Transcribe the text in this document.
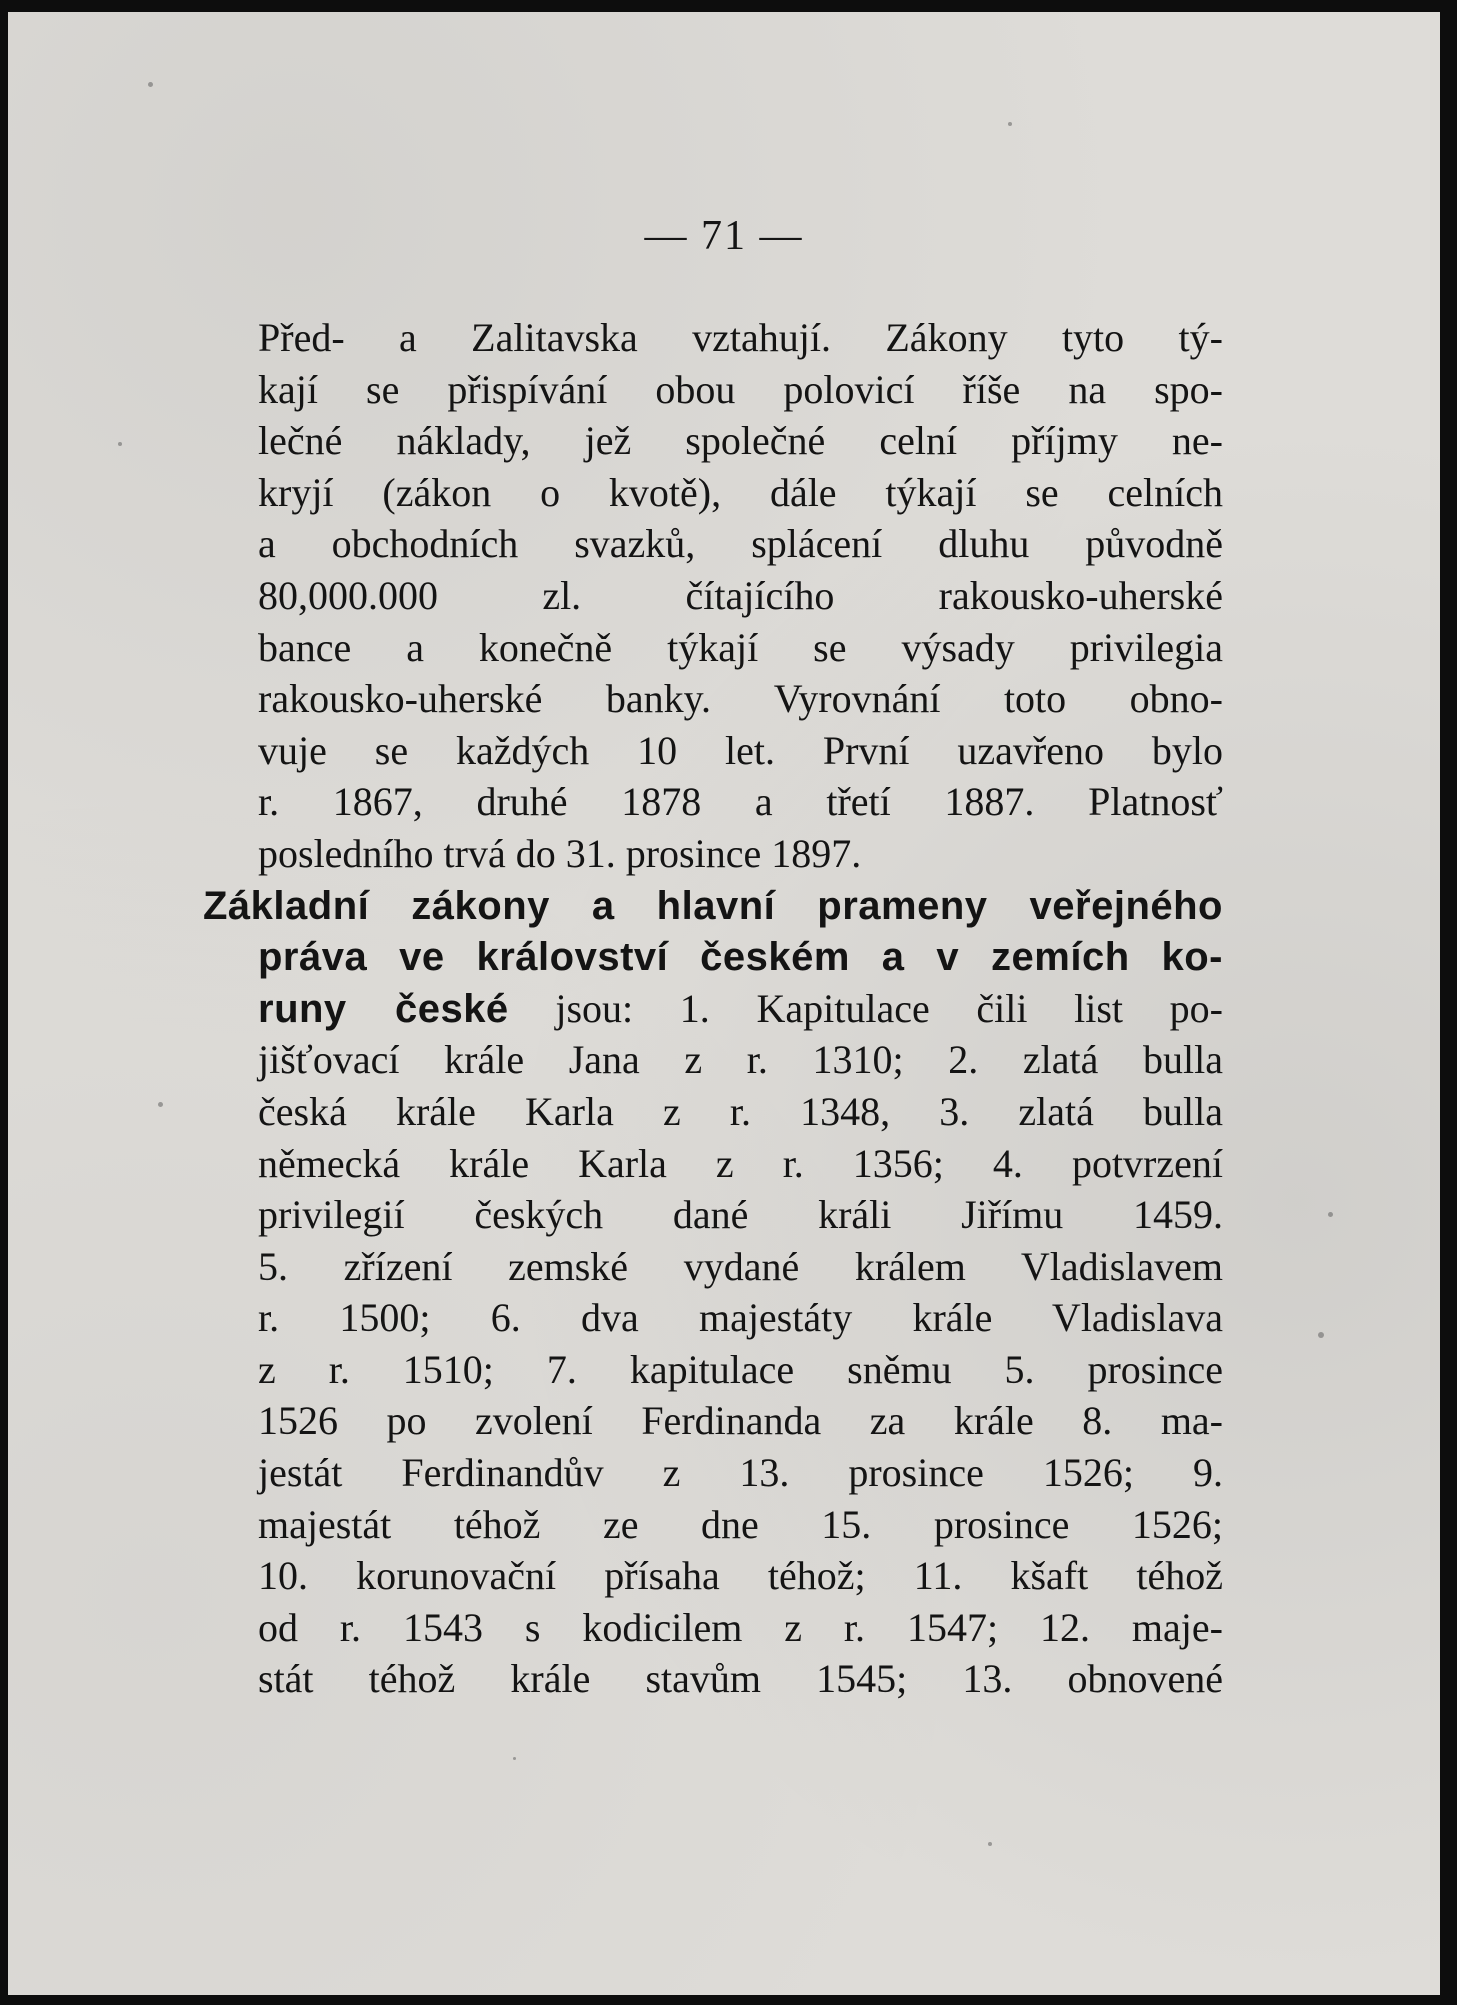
— 71 —
Před- a Zalitavska vztahují. Zákony tyto tý-
kají se přispívání obou polovicí říše na spo-
lečné náklady, jež společné celní příjmy ne-
kryjí (zákon o kvotě), dále týkají se celních
a obchodních svazků, splácení dluhu původně
80,000.000 zl. čítajícího rakousko-uherské
bance a konečně týkají se výsady privilegia
rakousko-uherské banky. Vyrovnání toto obno-
vuje se každých 10 let. První uzavřeno bylo
r. 1867, druhé 1878 a třetí 1887. Platnosť
posledního trvá do 31. prosince 1897.
Základní zákony a hlavní prameny veřejného
práva ve království českém a v zemích ko-
runy české jsou: 1. Kapitulace čili list po-
jišťovací krále Jana z r. 1310; 2. zlatá bulla
česká krále Karla z r. 1348, 3. zlatá bulla
německá krále Karla z r. 1356; 4. potvrzení
privilegií českých dané králi Jiřímu 1459.
5. zřízení zemské vydané králem Vladislavem
r. 1500; 6. dva majestáty krále Vladislava
z r. 1510; 7. kapitulace sněmu 5. prosince
1526 po zvolení Ferdinanda za krále 8. ma-
jestát Ferdinandův z 13. prosince 1526; 9.
majestát téhož ze dne 15. prosince 1526;
10. korunovační přísaha téhož; 11. kšaft téhož
od r. 1543 s kodicilem z r. 1547; 12. maje-
stát téhož krále stavům 1545; 13. obnovené
